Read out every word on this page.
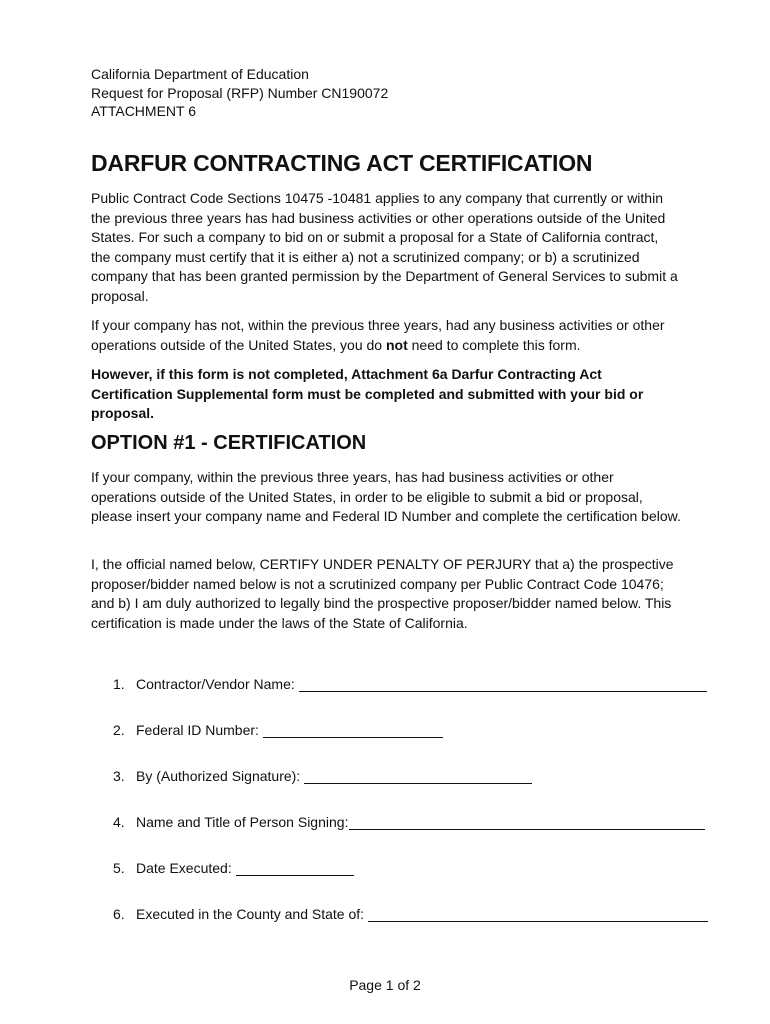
California Department of Education
Request for Proposal (RFP) Number CN190072
ATTACHMENT 6
DARFUR CONTRACTING ACT CERTIFICATION

Public Contract Code Sections 10475 -10481 applies to any company that currently or within the previous three years has had business activities or other operations outside of the United States. For such a company to bid on or submit a proposal for a State of California contract, the company must certify that it is either a) not a scrutinized company; or b) a scrutinized company that has been granted permission by the Department of General Services to submit a proposal.

If your company has not, within the previous three years, had any business activities or other operations outside of the United States, you do not need to complete this form.

However, if this form is not completed, Attachment 6a Darfur Contracting Act Certification Supplemental form must be completed and submitted with your bid or proposal.

OPTION #1 - CERTIFICATION

If your company, within the previous three years, has had business activities or other operations outside of the United States, in order to be eligible to submit a bid or proposal, please insert your company name and Federal ID Number and complete the certification below.

I, the official named below, CERTIFY UNDER PENALTY OF PERJURY that a) the prospective proposer/bidder named below is not a scrutinized company per Public Contract Code 10476; and b) I am duly authorized to legally bind the prospective proposer/bidder named below. This certification is made under the laws of the State of California.

1. Contractor/Vendor Name:
2. Federal ID Number:
3. By (Authorized Signature):
4. Name and Title of Person Signing:
5. Date Executed:
6. Executed in the County and State of:
Page 1 of 2
